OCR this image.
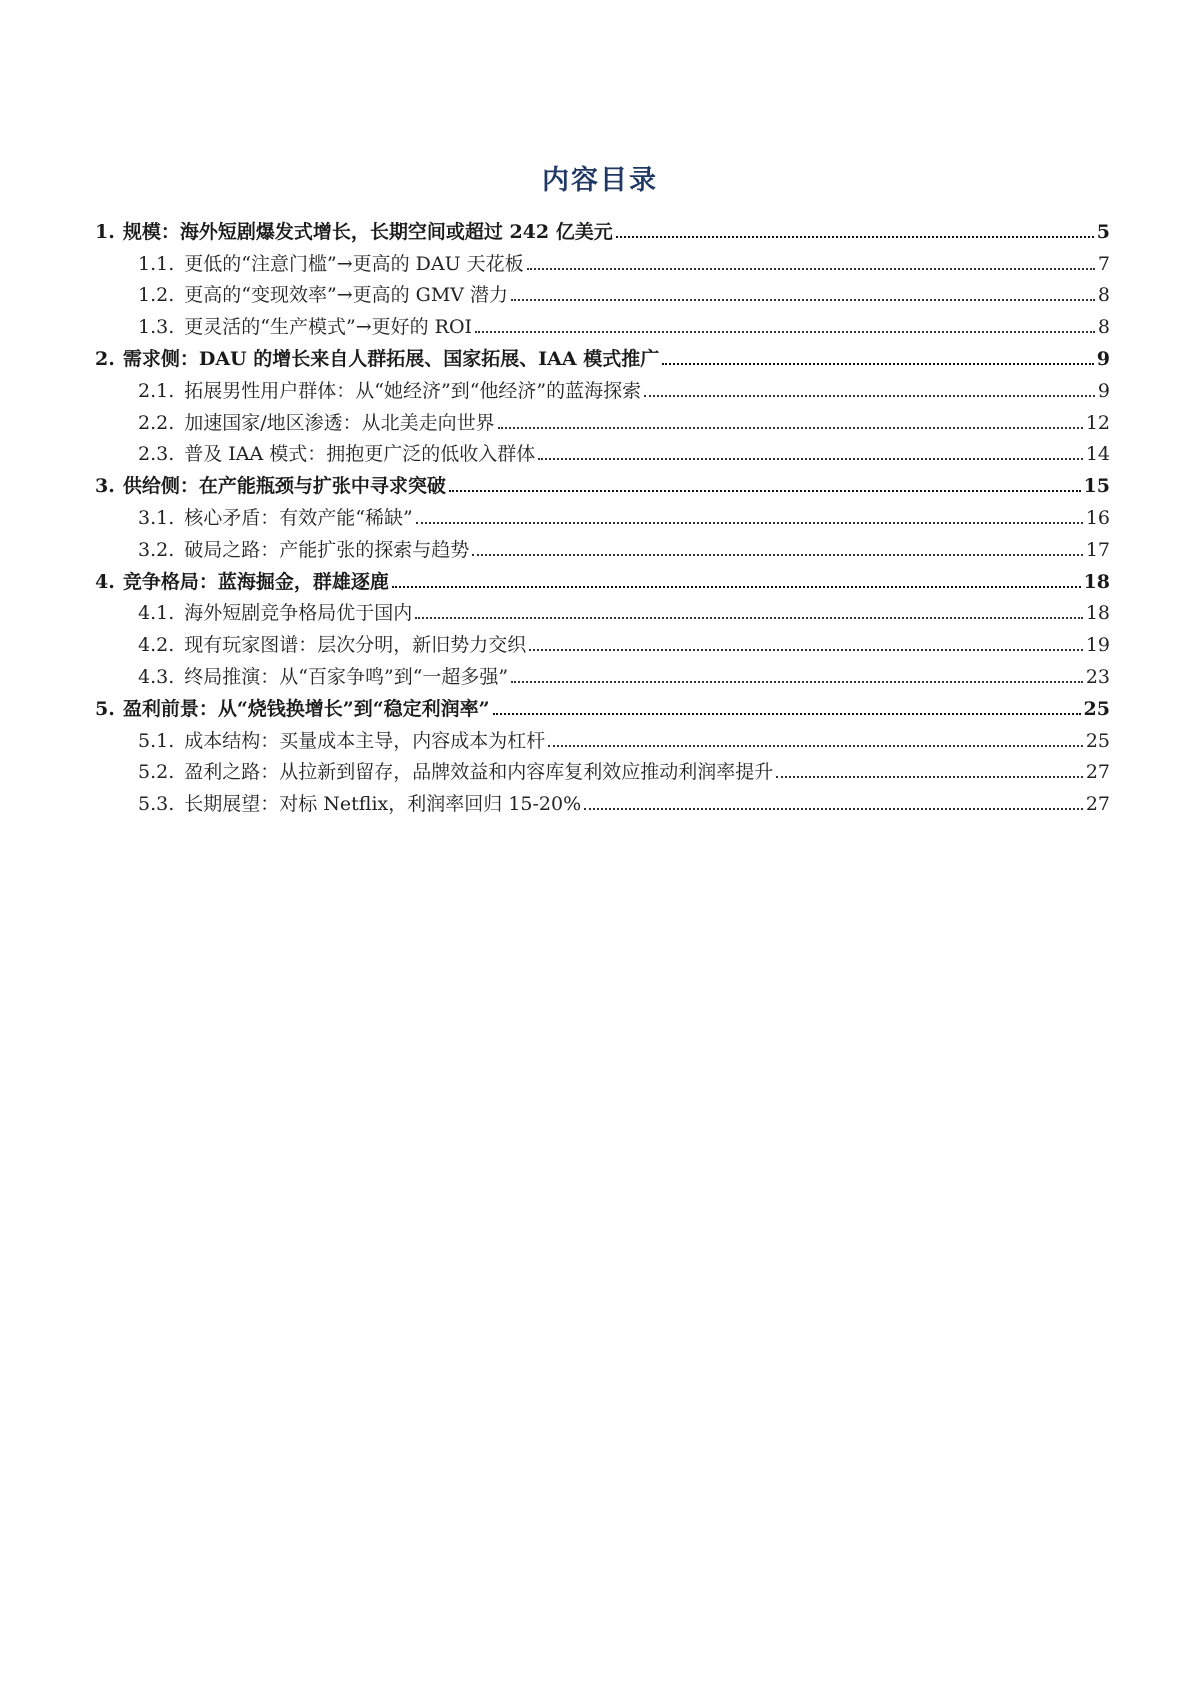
内容目录
1. 规模：海外短剧爆发式增长，长期空间或超过 242 亿美元	5
1.1. 更低的“注意门槛”→更高的 DAU 天花板	7
1.2. 更高的“变现效率”→更高的 GMV 潜力	8
1.3. 更灵活的“生产模式”→更好的 ROI	8
2. 需求侧：DAU 的增长来自人群拓展、国家拓展、IAA 模式推广	9
2.1. 拓展男性用户群体：从“她经济”到“他经济”的蓝海探索	9
2.2. 加速国家/地区渗透：从北美走向世界	12
2.3. 普及 IAA 模式：拥抱更广泛的低收入群体	14
3. 供给侧：在产能瓶颈与扩张中寻求突破	15
3.1. 核心矛盾：有效产能“稀缺”	16
3.2. 破局之路：产能扩张的探索与趋势	17
4. 竞争格局：蓝海掘金，群雄逐鹿	18
4.1. 海外短剧竞争格局优于国内	18
4.2. 现有玩家图谱：层次分明，新旧势力交织	19
4.3. 终局推演：从“百家争鸣”到“一超多强”	23
5. 盈利前景：从“烧钱换增长”到“稳定利润率”	25
5.1. 成本结构：买量成本主导，内容成本为杠杆	25
5.2. 盈利之路：从拉新到留存，品牌效益和内容库复利效应推动利润率提升	27
5.3. 长期展望：对标 Netflix，利润率回归 15-20%	27
